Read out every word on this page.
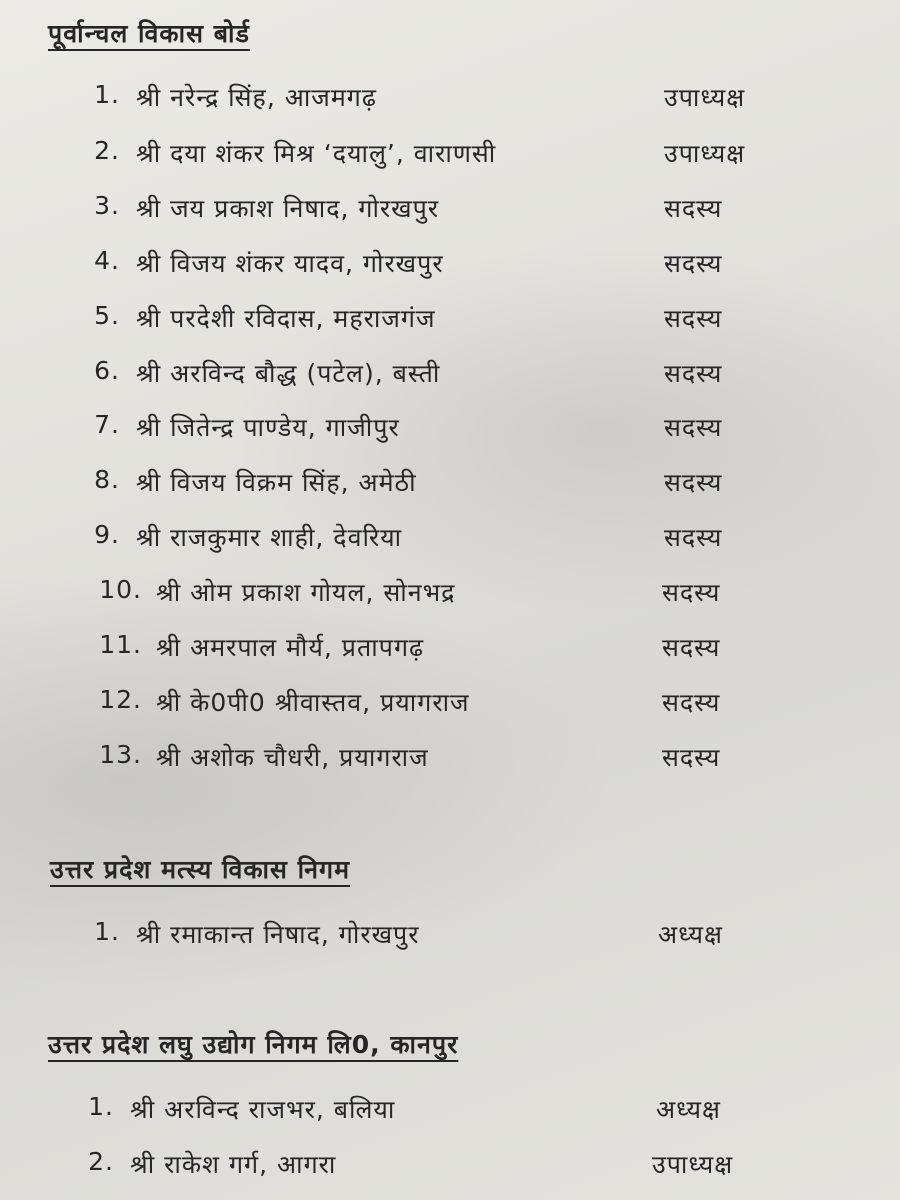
पूर्वान्चल विकास बोर्ड
1. श्री नरेन्द्र सिंह, आजमगढ़	उपाध्यक्ष
2. श्री दया शंकर मिश्र ‘दयालु’, वाराणसी	उपाध्यक्ष
3. श्री जय प्रकाश निषाद, गोरखपुर	सदस्य
4. श्री विजय शंकर यादव, गोरखपुर	सदस्य
5. श्री परदेशी रविदास, महराजगंज	सदस्य
6. श्री अरविन्द बौद्ध (पटेल), बस्ती	सदस्य
7. श्री जितेन्द्र पाण्डेय, गाजीपुर	सदस्य
8. श्री विजय विक्रम सिंह, अमेठी	सदस्य
9. श्री राजकुमार शाही, देवरिया	सदस्य
10. श्री ओम प्रकाश गोयल, सोनभद्र	सदस्य
11. श्री अमरपाल मौर्य, प्रतापगढ़	सदस्य
12. श्री के0पी0 श्रीवास्तव, प्रयागराज	सदस्य
13. श्री अशोक चौधरी, प्रयागराज	सदस्य
उत्तर प्रदेश मत्स्य विकास निगम
1. श्री रमाकान्त निषाद, गोरखपुर	अध्यक्ष
उत्तर प्रदेश लघु उद्योग निगम लि0, कानपुर
1. श्री अरविन्द राजभर, बलिया	अध्यक्ष
2. श्री राकेश गर्ग, आगरा	उपाध्यक्ष
